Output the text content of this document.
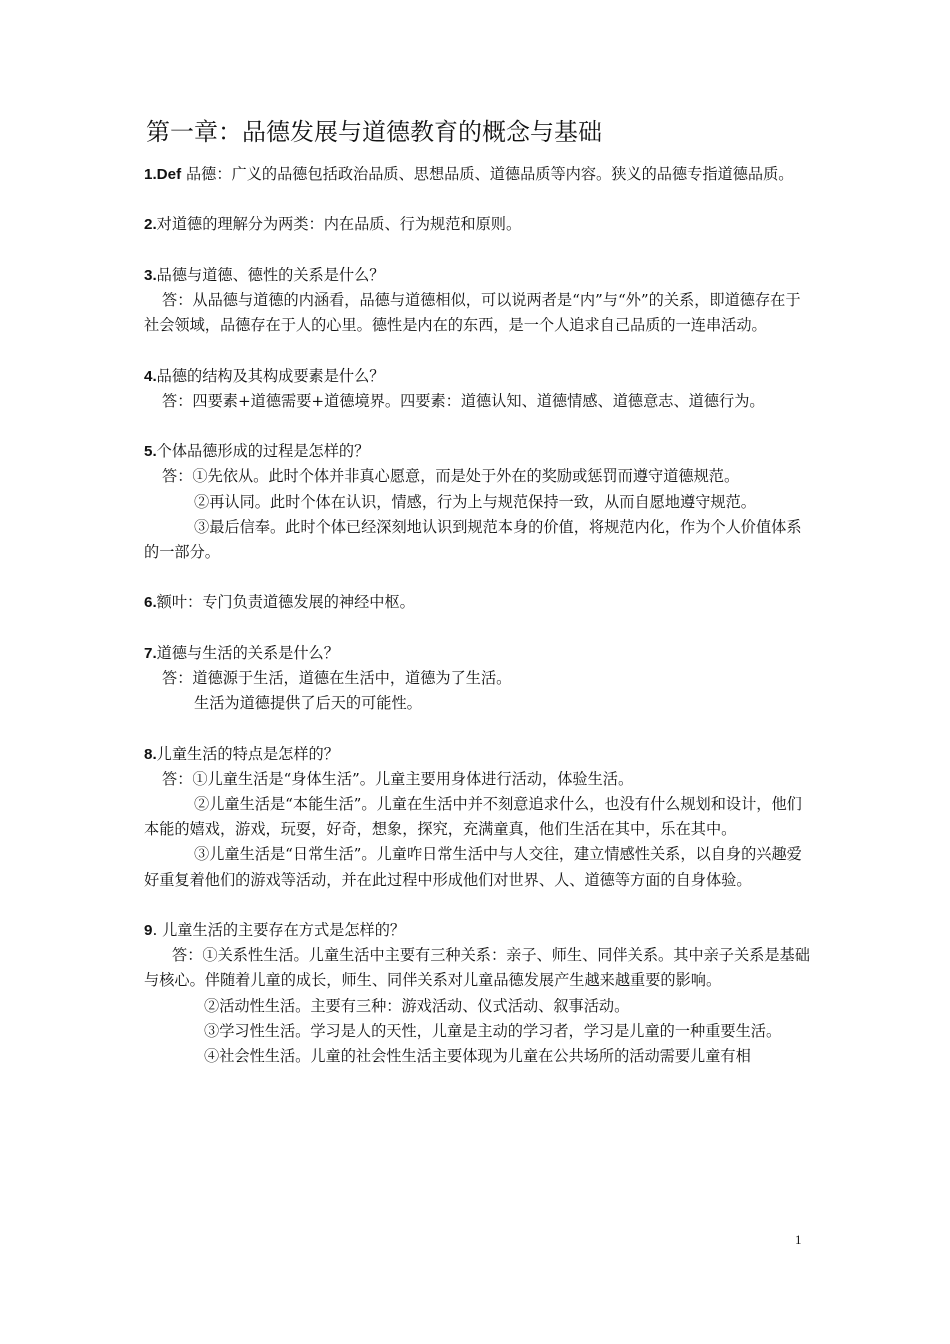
第一章：品德发展与道德教育的概念与基础
1.Def 品德：广义的品德包括政治品质、思想品质、道德品质等内容。狭义的品德专指道德品质。
2.对道德的理解分为两类：内在品质、行为规范和原则。
3.品德与道德、德性的关系是什么？
答：从品德与道德的内涵看，品德与道德相似，可以说两者是“内”与“外”的关系，即道德存在于社会领域，品德存在于人的心里。德性是内在的东西，是一个人追求自己品质的一连串活动。
4.品德的结构及其构成要素是什么？
答：四要素+道德需要+道德境界。四要素：道德认知、道德情感、道德意志、道德行为。
5.个体品德形成的过程是怎样的？
答：①先依从。此时个体并非真心愿意，而是处于外在的奖励或惩罚而遵守道德规范。
②再认同。此时个体在认识，情感，行为上与规范保持一致，从而自愿地遵守规范。
③最后信奉。此时个体已经深刻地认识到规范本身的价值，将规范内化，作为个人价值体系的一部分。
6.额叶：专门负责道德发展的神经中枢。
7.道德与生活的关系是什么？
答：道德源于生活，道德在生活中，道德为了生活。
生活为道德提供了后天的可能性。
8.儿童生活的特点是怎样的？
答：①儿童生活是“身体生活”。儿童主要用身体进行活动，体验生活。
②儿童生活是“本能生活”。儿童在生活中并不刻意追求什么，也没有什么规划和设计，他们本能的嬉戏，游戏，玩耍，好奇，想象，探究，充满童真，他们生活在其中，乐在其中。
③儿童生活是“日常生活”。儿童咋日常生活中与人交往，建立情感性关系，以自身的兴趣爱好重复着他们的游戏等活动，并在此过程中形成他们对世界、人、道德等方面的自身体验。
9. 儿童生活的主要存在方式是怎样的？
答：①关系性生活。儿童生活中主要有三种关系：亲子、师生、同伴关系。其中亲子关系是基础与核心。伴随着儿童的成长，师生、同伴关系对儿童品德发展产生越来越重要的影响。
②活动性生活。主要有三种：游戏活动、仪式活动、叙事活动。
③学习性生活。学习是人的天性，儿童是主动的学习者，学习是儿童的一种重要生活。
④社会性生活。儿童的社会性生活主要体现为儿童在公共场所的活动需要儿童有相
1
